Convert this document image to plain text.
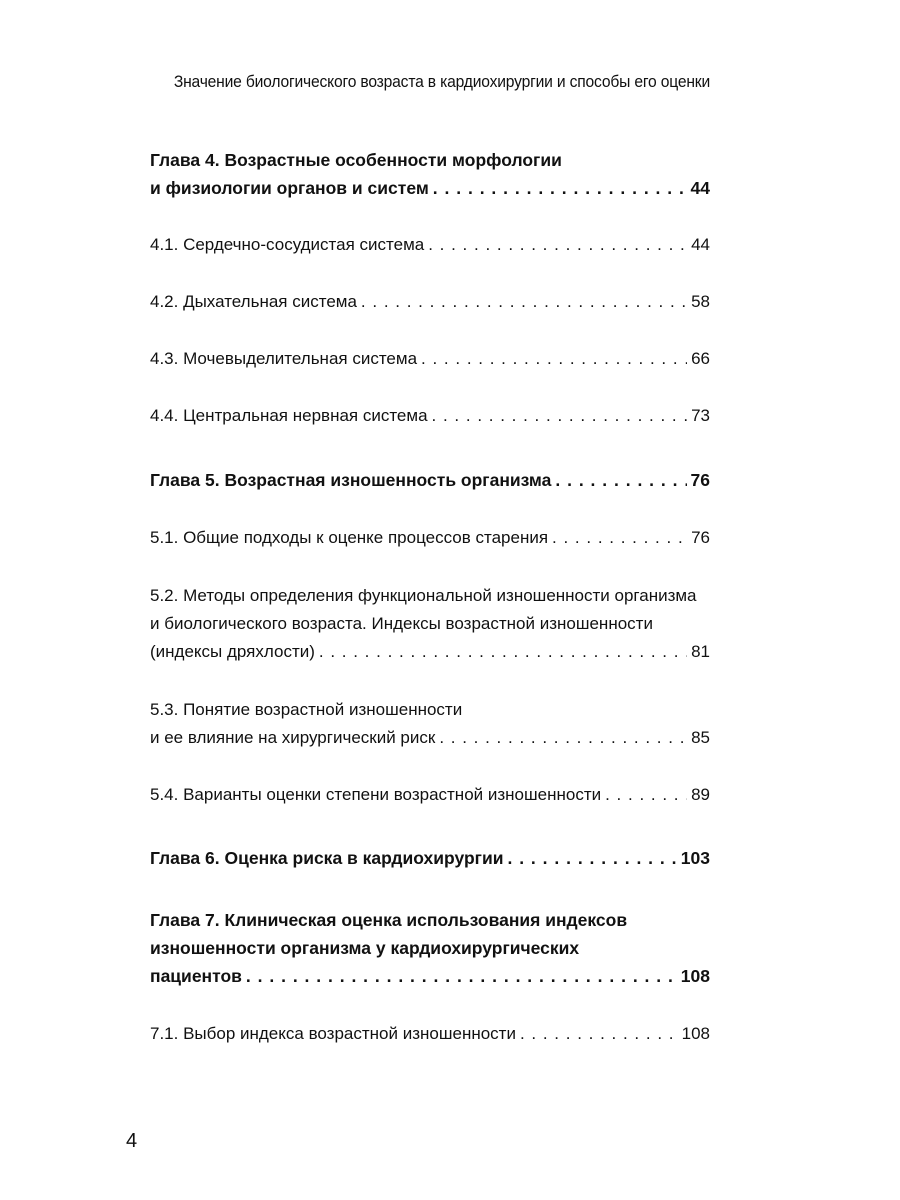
Значение биологического возраста в кардиохирургии и способы его оценки
Глава 4. Возрастные особенности морфологии
и физиологии органов и систем . . .	44
4.1. Сердечно-сосудистая система . . .	44
4.2. Дыхательная система . . .	58
4.3. Мочевыделительная система . . .	66
4.4. Центральная нервная система . . .	73
Глава 5. Возрастная изношенность организма . . .	76
5.1. Общие подходы к оценке процессов старения . . .	76
5.2. Методы определения функциональной изношенности организма
и биологического возраста. Индексы возрастной изношенности
(индексы дряхлости) . . .	81
5.3. Понятие возрастной изношенности
и ее влияние на хирургический риск . . .	85
5.4. Варианты оценки степени возрастной изношенности . . .	89
Глава 6. Оценка риска в кардиохирургии . . .	103
Глава 7. Клиническая оценка использования индексов
изношенности организма у кардиохирургических
пациентов . . .	108
7.1. Выбор индекса возрастной изношенности . . .	108
4
